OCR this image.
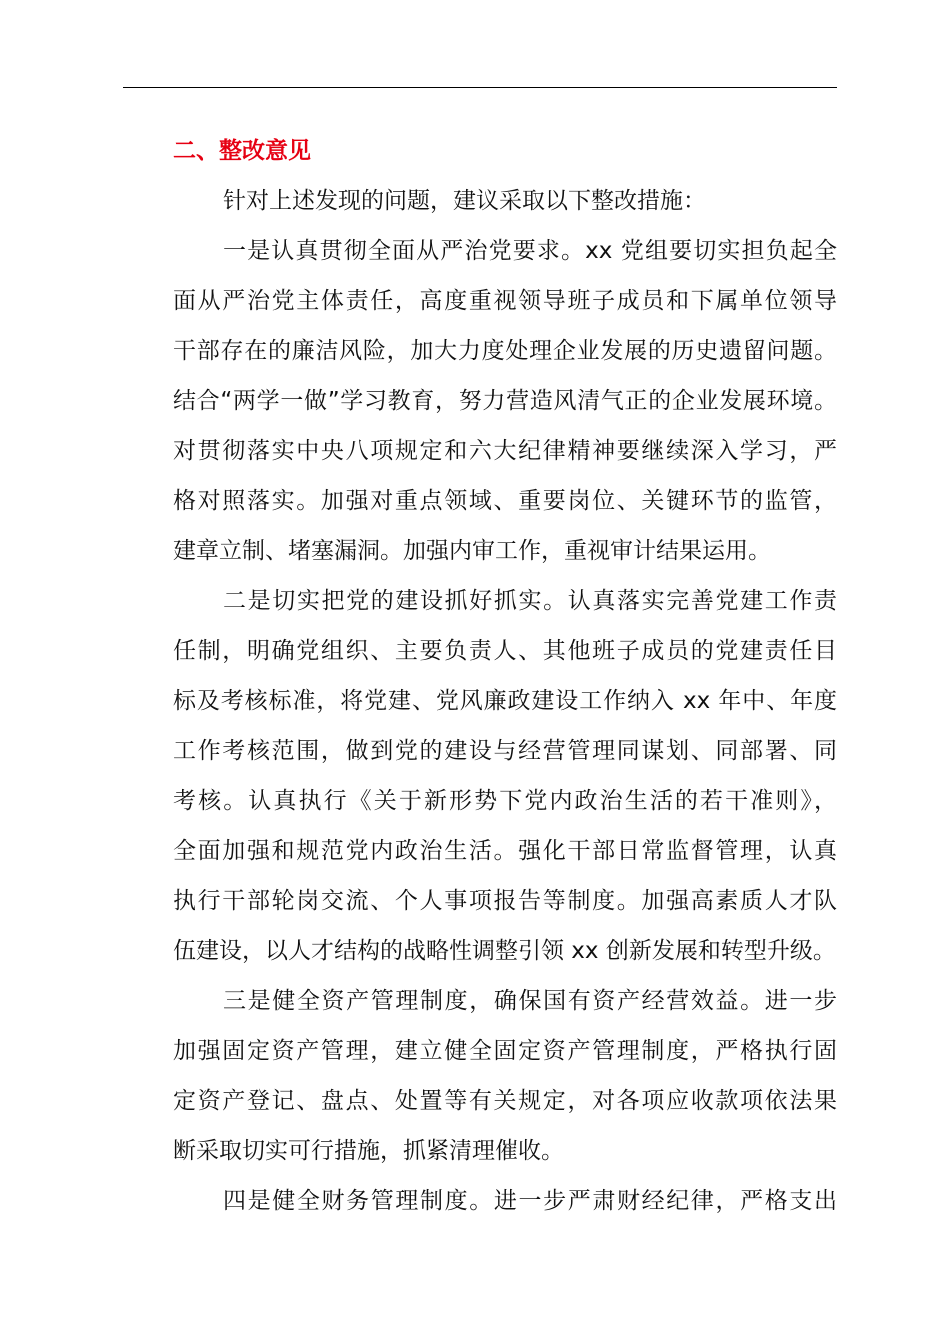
二、整改意见
针对上述发现的问题，建议采取以下整改措施：
一是认真贯彻全面从严治党要求。xx 党组要切实担负起全
面从严治党主体责任，高度重视领导班子成员和下属单位领导
干部存在的廉洁风险，加大力度处理企业发展的历史遗留问题。
结合“两学一做”学习教育，努力营造风清气正的企业发展环境。
对贯彻落实中央八项规定和六大纪律精神要继续深入学习，严
格对照落实。加强对重点领域、重要岗位、关键环节的监管，
建章立制、堵塞漏洞。加强内审工作，重视审计结果运用。
二是切实把党的建设抓好抓实。认真落实完善党建工作责
任制，明确党组织、主要负责人、其他班子成员的党建责任目
标及考核标准，将党建、党风廉政建设工作纳入 xx 年中、年度
工作考核范围，做到党的建设与经营管理同谋划、同部署、同
考核。认真执行《关于新形势下党内政治生活的若干准则》，
全面加强和规范党内政治生活。强化干部日常监督管理，认真
执行干部轮岗交流、个人事项报告等制度。加强高素质人才队
伍建设，以人才结构的战略性调整引领 xx 创新发展和转型升级。
三是健全资产管理制度，确保国有资产经营效益。进一步
加强固定资产管理，建立健全固定资产管理制度，严格执行固
定资产登记、盘点、处置等有关规定，对各项应收款项依法果
断采取切实可行措施，抓紧清理催收。
四是健全财务管理制度。进一步严肃财经纪律，严格支出
